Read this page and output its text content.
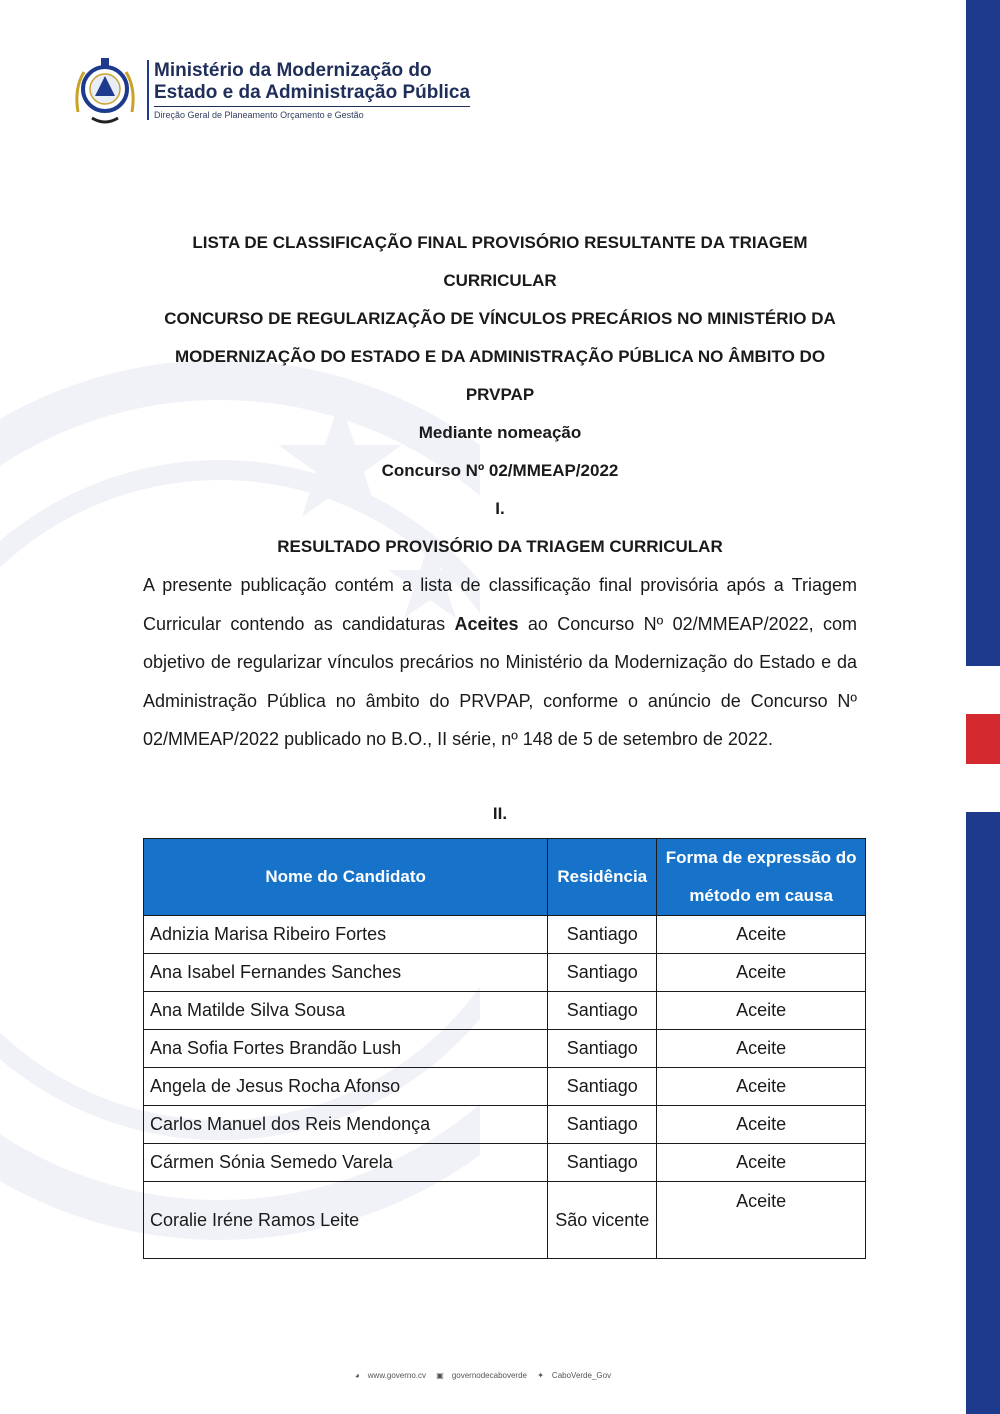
Ministério da Modernização do
Estado e da Administração Pública
Direção Geral de Planeamento Orçamento e Gestão
LISTA DE CLASSIFICAÇÃO FINAL PROVISÓRIO RESULTANTE DA TRIAGEM
CURRICULAR
CONCURSO DE REGULARIZAÇÃO DE VÍNCULOS PRECÁRIOS NO MINISTÉRIO DA
MODERNIZAÇÃO DO ESTADO E DA ADMINISTRAÇÃO PÚBLICA NO ÂMBITO DO
PRVPAP
Mediante nomeação
Concurso Nº 02/MMEAP/2022
I.
RESULTADO PROVISÓRIO DA TRIAGEM CURRICULAR

A presente publicação contém a lista de classificação final provisória após a Triagem Curricular contendo as candidaturas Aceites ao Concurso Nº 02/MMEAP/2022, com objetivo de regularizar vínculos precários no Ministério da Modernização do Estado e da Administração Pública no âmbito do PRVPAP, conforme o anúncio de Concurso Nº 02/MMEAP/2022 publicado no B.O., II série, nº 148 de 5 de setembro de 2022.

II.
Nome do Candidato	Residência	Forma de expressão do método em causa
Adnizia Marisa Ribeiro Fortes	Santiago	Aceite
Ana Isabel Fernandes Sanches	Santiago	Aceite
Ana Matilde Silva Sousa	Santiago	Aceite
Ana Sofia Fortes Brandão Lush	Santiago	Aceite
Angela de Jesus Rocha Afonso	Santiago	Aceite
Carlos Manuel dos Reis Mendonça	Santiago	Aceite
Cármen Sónia Semedo Varela	Santiago	Aceite
Coralie Iréne Ramos Leite	São vicente	Aceite
◕ www.governo.cv ▣ governodecaboverde ✦ CaboVerde_Gov
